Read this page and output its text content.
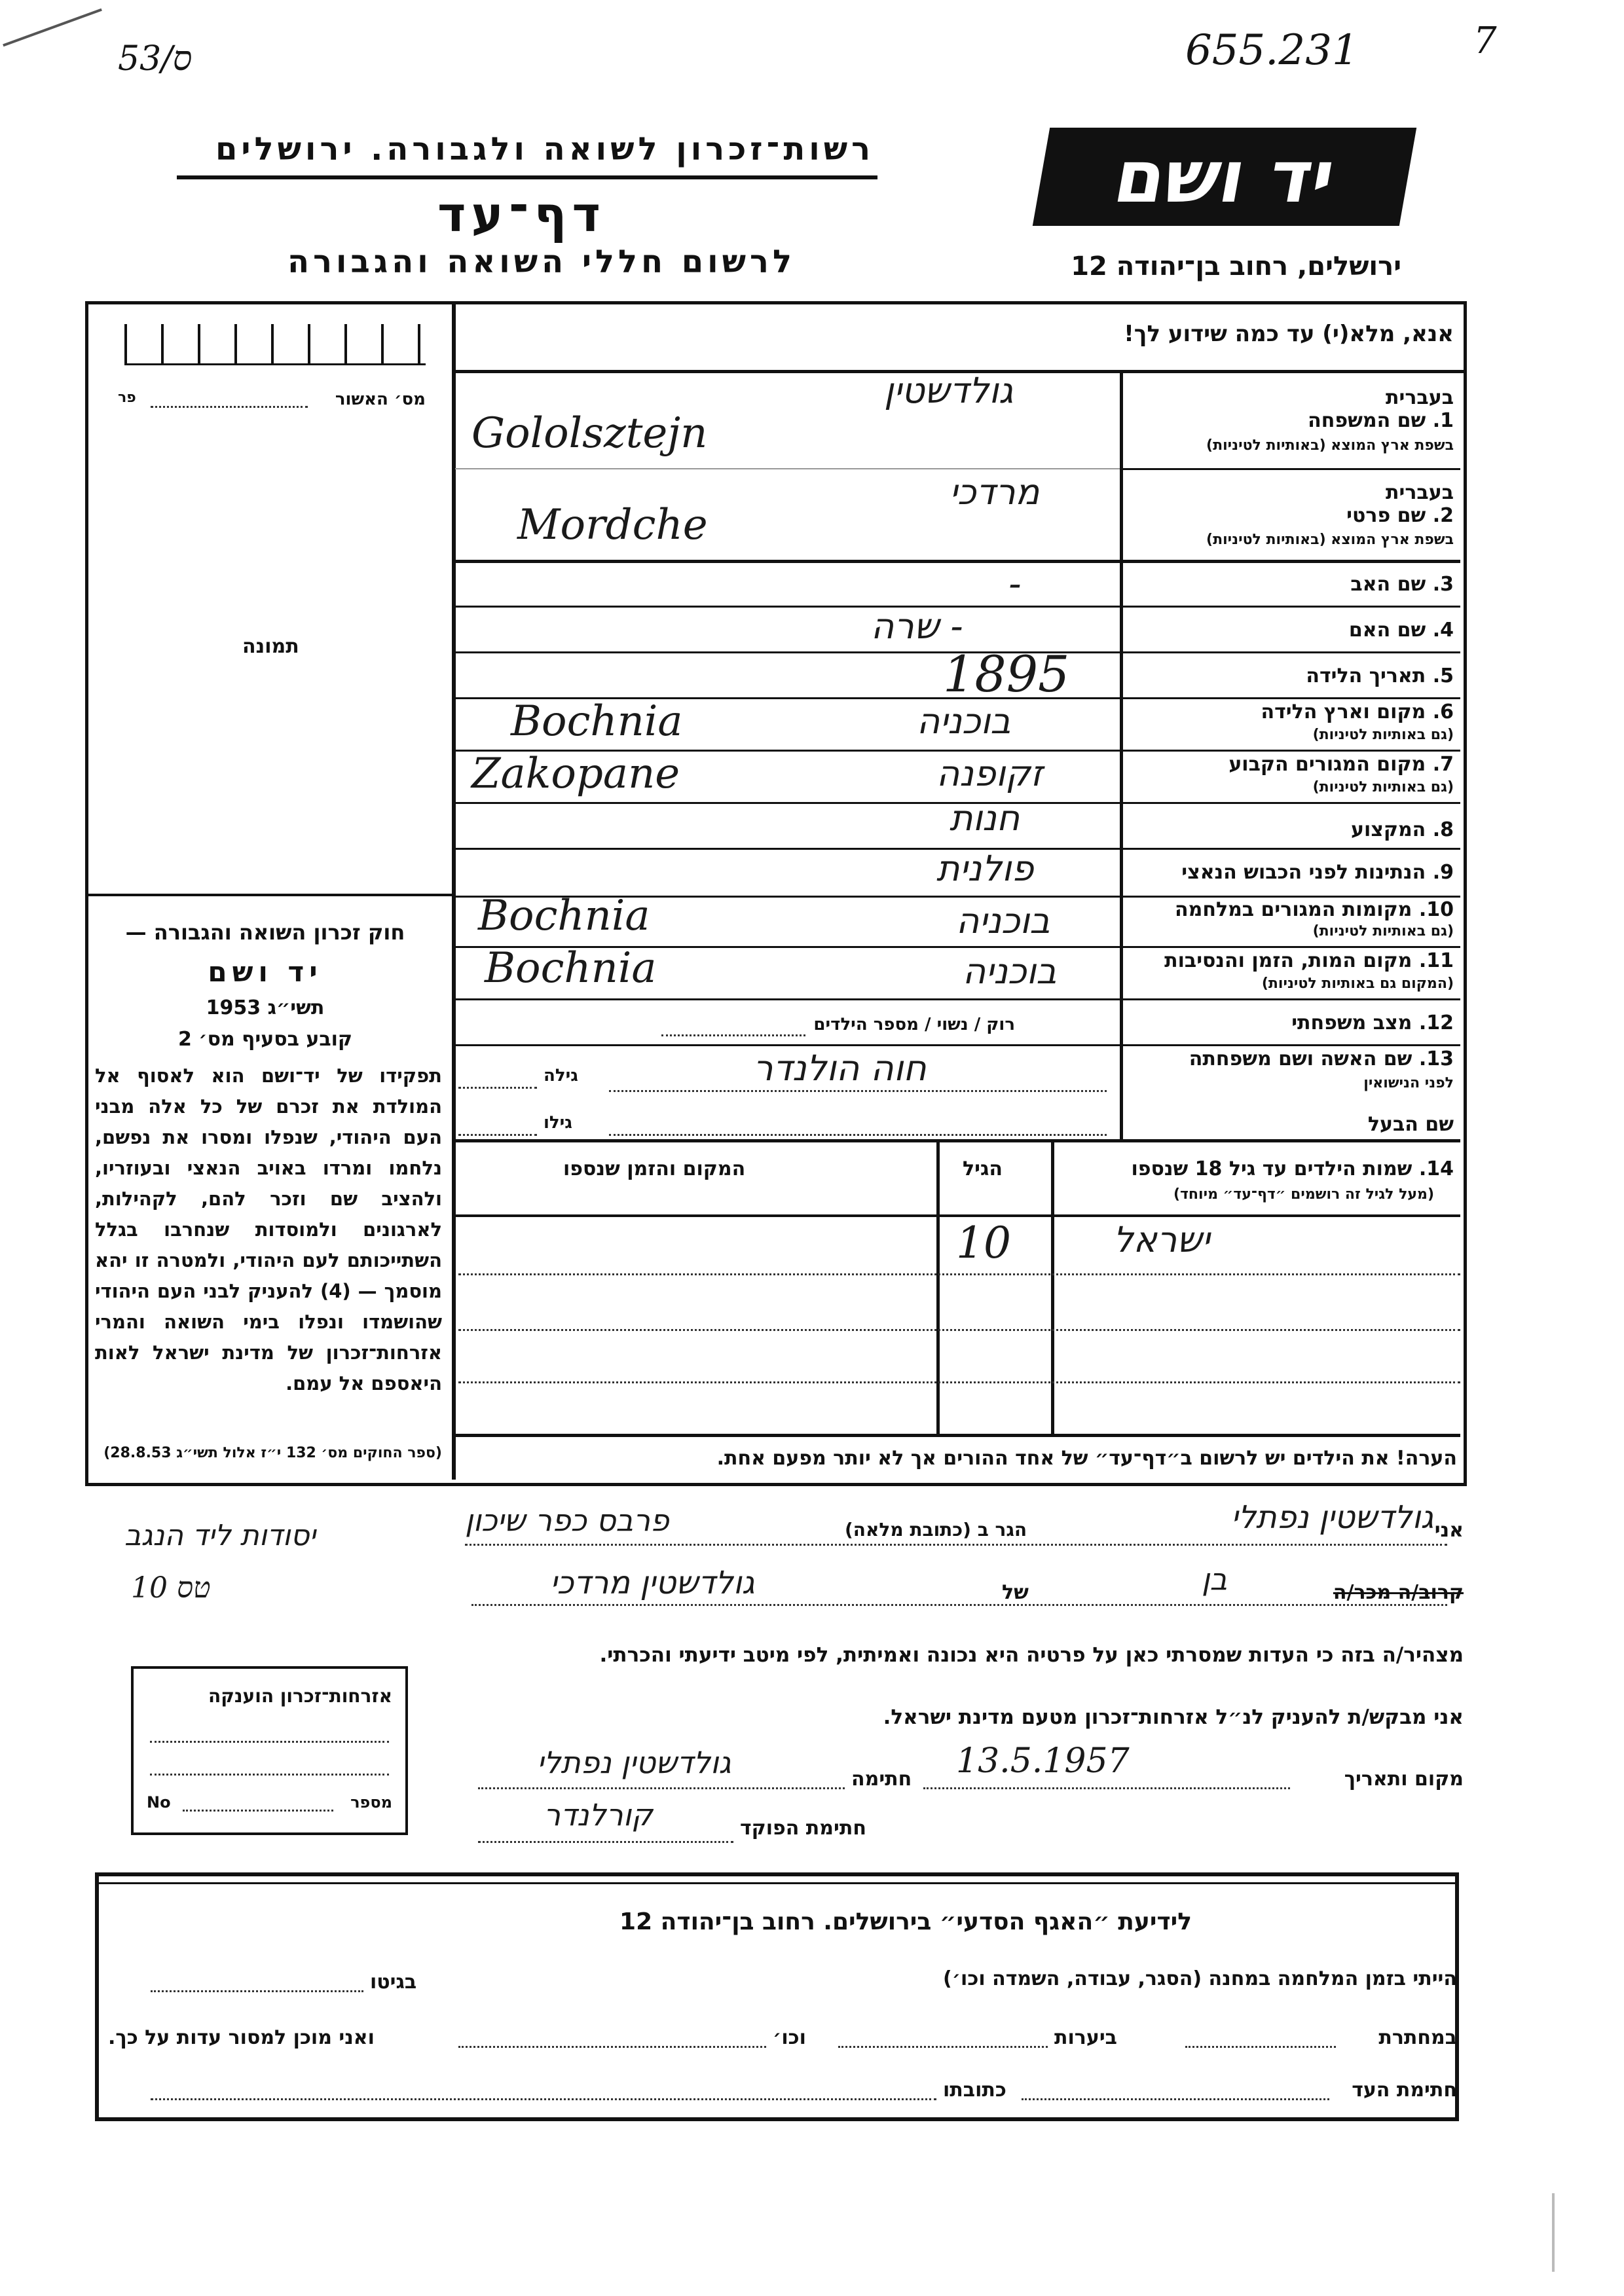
53/ס	655.231	7
רשות־זכרון לשואה ולגבורה. ירושלים	יד ושם
דף־עד
לרשום חללי השואה והגבורה	ירושלים, רחוב בן־יהודה 12
אנא, מלא(י) עד כמה שידוע לך!
מס׳ האשור
פר
תמונה
חוק זכרון השואה והגבורה —
יד ושם
תשי״ג 1953
קובע בסעיף מס׳ 2
תפקידו של יד־ושם הוא לאסוף אל המולדת את זכרם של כל אלה מבני העם היהודי, שנפלו ומסרו את נפשם, נלחמו ומרדו באויב הנאצי ובעוזריו, ולהציב שם וזכר להם, לקהילות, לארגונים ולמוסדות שנחרבו בגלל השתייכותם לעם היהודי, ולמטרה זו יהא מוסמך — (4) להעניק לבני העם היהודי שהושמדו ונפלו בימי השואה והמרי אזרחות־זכרון של מדינת ישראל לאות היאספם אל עמם.
(ספר החוקים מס׳ 132 י״ז אלול תשי״ג 28.8.53)
בעברית
1. שם המשפחה
בשפת ארץ המוצא (באותיות לטיניות)
גולדשטין
Gololsztejn
בעברית
2. שם פרטי
בשפת ארץ המוצא (באותיות לטיניות)
מרדכי
Mordche
3. שם האב
-
4. שם האם
- שרה
5. תאריך הלידה
1895
6. מקום וארץ הלידה
(גם באותיות לטיניות)
בוכניה
Bochnia
7. מקום המגורים הקבוע
(גם באותיות לטיניות)
זקופנה
Zakopane
8. המקצוע
חנות
9. הנתינות לפני הכבוש הנאצי
פולנית
10. מקומות המגורים במלחמה
(גם באותיות לטיניות)
בוכניה
Bochnia
11. מקום המות, הזמן והנסיבות
(המקום גם באותיות לטיניות)
בוכניה
Bochnia
12. מצב משפחתי
רוק / נשוי / מספר הילדים
13. שם האשה ושם משפחתה
לפני הנישואין
חוה הולנדר
גילה
שם הבעל
גילו
14. שמות הילדים עד גיל 18 שנספו
(מעל לגיל זה רושמים ״דף־עד״ מיוחד)
הגיל
המקום והזמן שנספו
10	ישראל
הערה! את הילדים יש לרשום ב״דף־עד״ של אחד ההורים אך לא יותר מפעם אחת.
אני
גולדשטין נפתלי
הגר ב (כתובת מלאה)
פרבס כפר שיכון
יסודות ליד הנגב
10 טס	קרוב/ה מכר/ה
בן
של
גולדשטין מרדכי
מצהיר/ה בזה כי העדות שמסרתי כאן על פרטיה היא נכונה ואמיתית, לפי מיטב ידיעתי והכרתי.
אני מבקש/ת להעניק לנ״ל אזרחות־זכרון מטעם מדינת ישראל.
מקום ותאריך
13.5.1957
חתימה
גולדשטין נפתלי
חתימת הפוקד
קורלנדר
אזרחות־זכרון הוענקה
מספר
No
לידיעת ״האגף הסדעי״ בירושלים. רחוב בן־יהודה 12
הייתי בזמן המלחמה במחנה (הסגר, עבודה, השמדה וכו׳)
בגיטו
במחתרת
ביערות
וכו׳
ואני מוכן למסור עדות על כך.
חתימת העד
כתובתו
